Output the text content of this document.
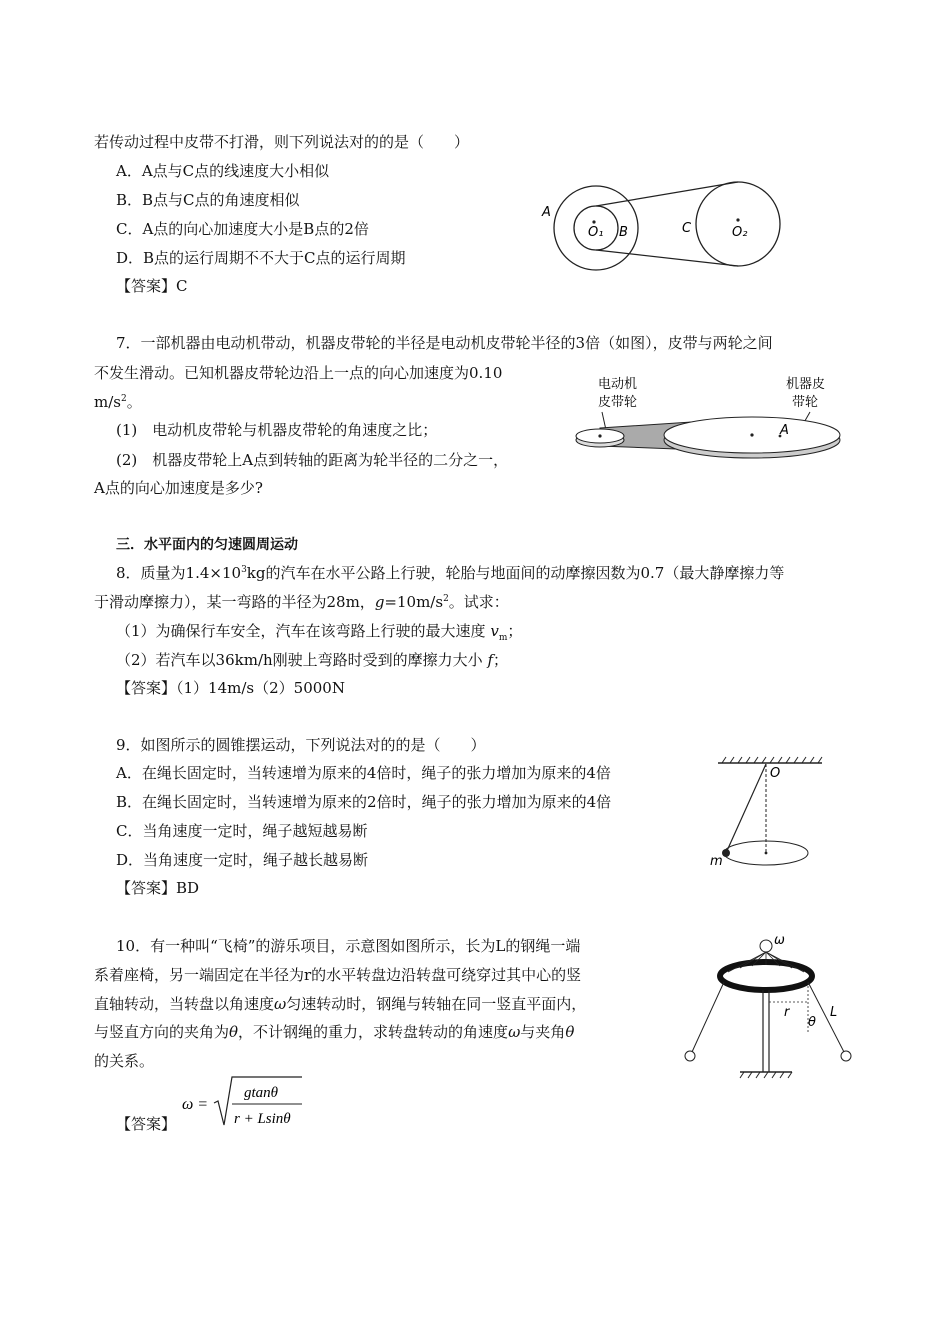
若传动过程中皮带不打滑，则下列说法对的的是（　　）
A．A点与C点的线速度大小相似
B．B点与C点的角速度相似
C．A点的向心加速度大小是B点的2倍
D．B点的运行周期不不大于C点的运行周期
【答案】C
A
O₁ B	C	O₂
7．一部机器由电动机带动，机器皮带轮的半径是电动机皮带轮半径的3倍（如图），皮带与两轮之间
不发生滑动。已知机器皮带轮边沿上一点的向心加速度为0.10
$m/s^2$。
(1)　电动机皮带轮与机器皮带轮的角速度之比；
(2)　机器皮带轮上A点到转轴的距离为轮半径的二分之一，
A点的向心加速度是多少?
电动机
皮带轮
机器皮
带轮
A
三．水平面内的匀速圆周运动
8．质量为$1.4\times 10^3kg$的汽车在水平公路上行驶，轮胎与地面间的动摩擦因数为0.7（最大静摩擦力等
于滑动摩擦力），某一弯路的半径为28m，$g=10m/s^2$。试求：
（1）为确保行车安全，汽车在该弯路上行驶的最大速度 $v_m$；
（2）若汽车以36km/h刚驶上弯路时受到的摩擦力大小 f；
【答案】（1）14m/s（2）5000N
9．如图所示的圆锥摆运动，下列说法对的的是（　　）
A．在绳长固定时，当转速增为原来的4倍时，绳子的张力增加为原来的4倍
B．在绳长固定时，当转速增为原来的2倍时，绳子的张力增加为原来的4倍
C．当角速度一定时，绳子越短越易断
D．当角速度一定时，绳子越长越易断
【答案】BD
O
m
10．有一种叫“飞椅”的游乐项目，示意图如图所示，长为L的钢绳一端
系着座椅，另一端固定在半径为r的水平转盘边沿转盘可绕穿过其中心的竖
直轴转动，当转盘以角速度ω匀速转动时，钢绳与转轴在同一竖直平面内，
与竖直方向的夹角为θ，不计钢绳的重力，求转盘转动的角速度ω与夹角θ
的关系。
【答案】
ω =
gtanθ
r + Lsinθ
ω
r
θ
L
